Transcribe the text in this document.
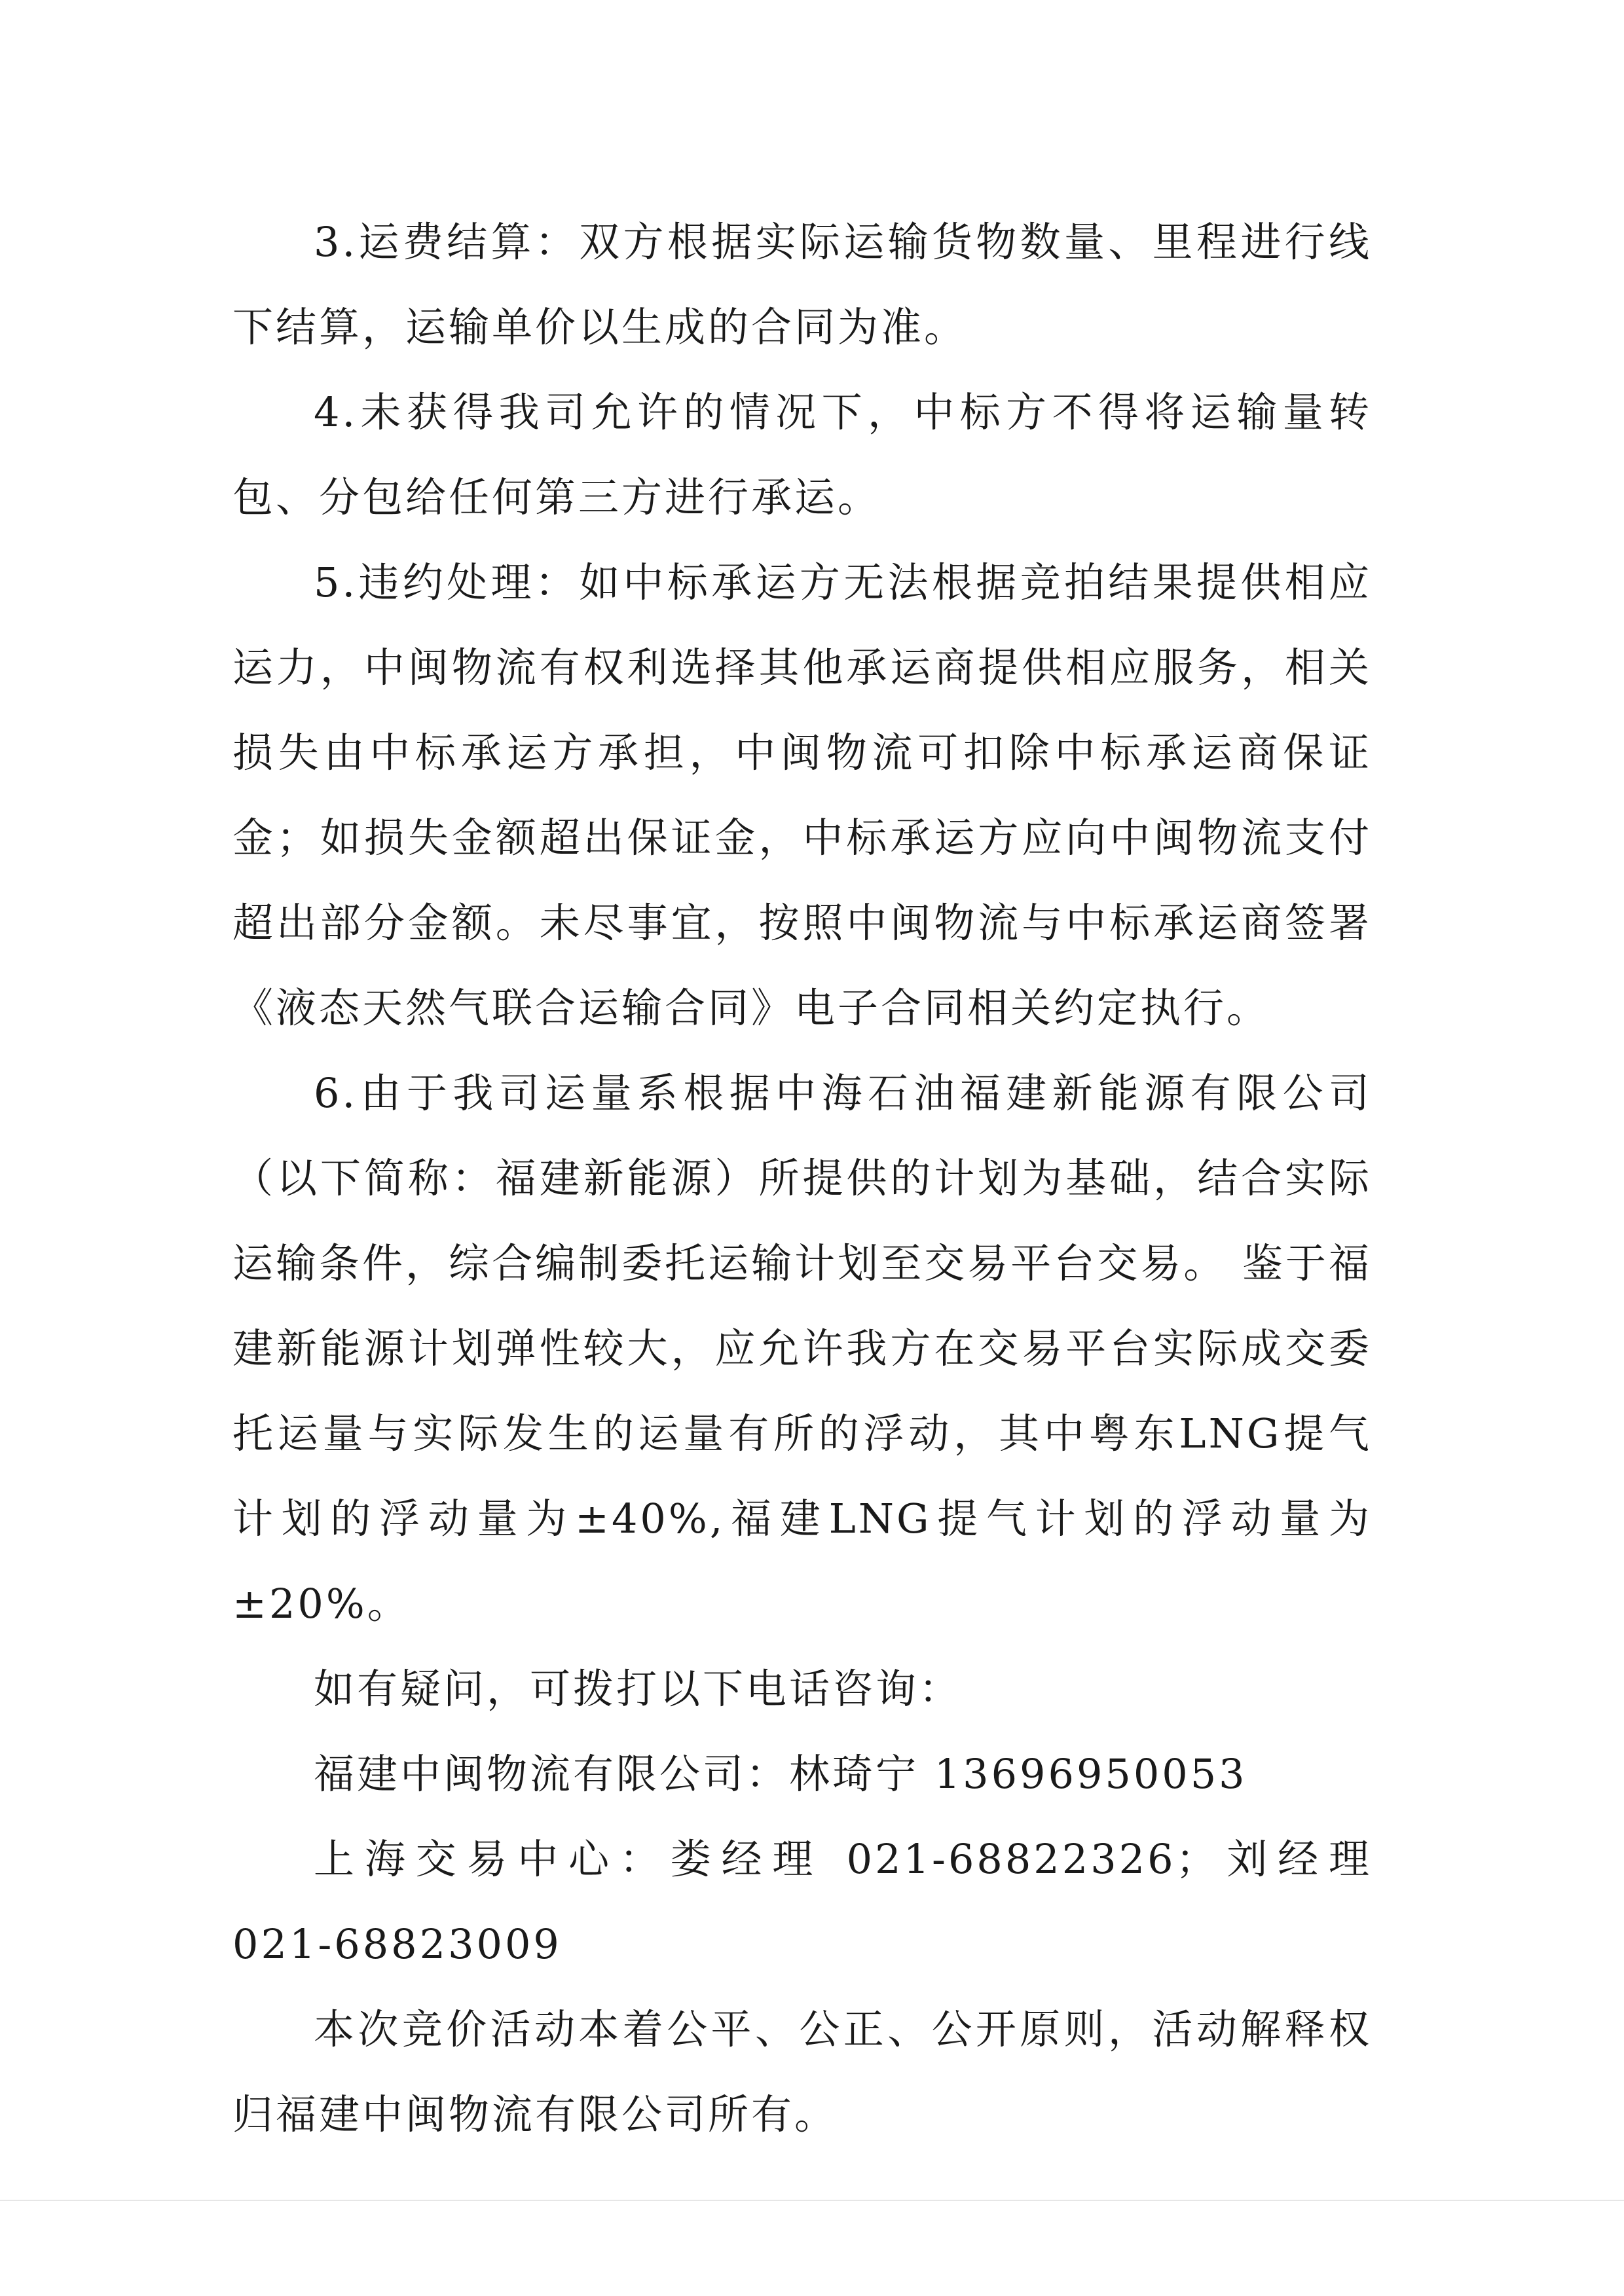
3.运费结算：双方根据实际运输货物数量、里程进行线下结算，运输单价以生成的合同为准。

4.未获得我司允许的情况下，中标方不得将运输量转包、分包给任何第三方进行承运。

5.违约处理：如中标承运方无法根据竞拍结果提供相应运力，中闽物流有权利选择其他承运商提供相应服务，相关损失由中标承运方承担，中闽物流可扣除中标承运商保证金；如损失金额超出保证金，中标承运方应向中闽物流支付超出部分金额。未尽事宜，按照中闽物流与中标承运商签署《液态天然气联合运输合同》电子合同相关约定执行。

6.由于我司运量系根据中海石油福建新能源有限公司（以下简称：福建新能源）所提供的计划为基础，结合实际运输条件，综合编制委托运输计划至交易平台交易。 鉴于福建新能源计划弹性较大，应允许我方在交易平台实际成交委托运量与实际发生的运量有所的浮动，其中粤东LNG提气计划的浮动量为±40%,福建LNG提气计划的浮动量为±20%。

如有疑问，可拨打以下电话咨询：

福建中闽物流有限公司：林琦宁 13696950053

上海交易中心：娄经理 021-68822326；刘经理 021-68823009

本次竞价活动本着公平、公正、公开原则，活动解释权归福建中闽物流有限公司所有。
